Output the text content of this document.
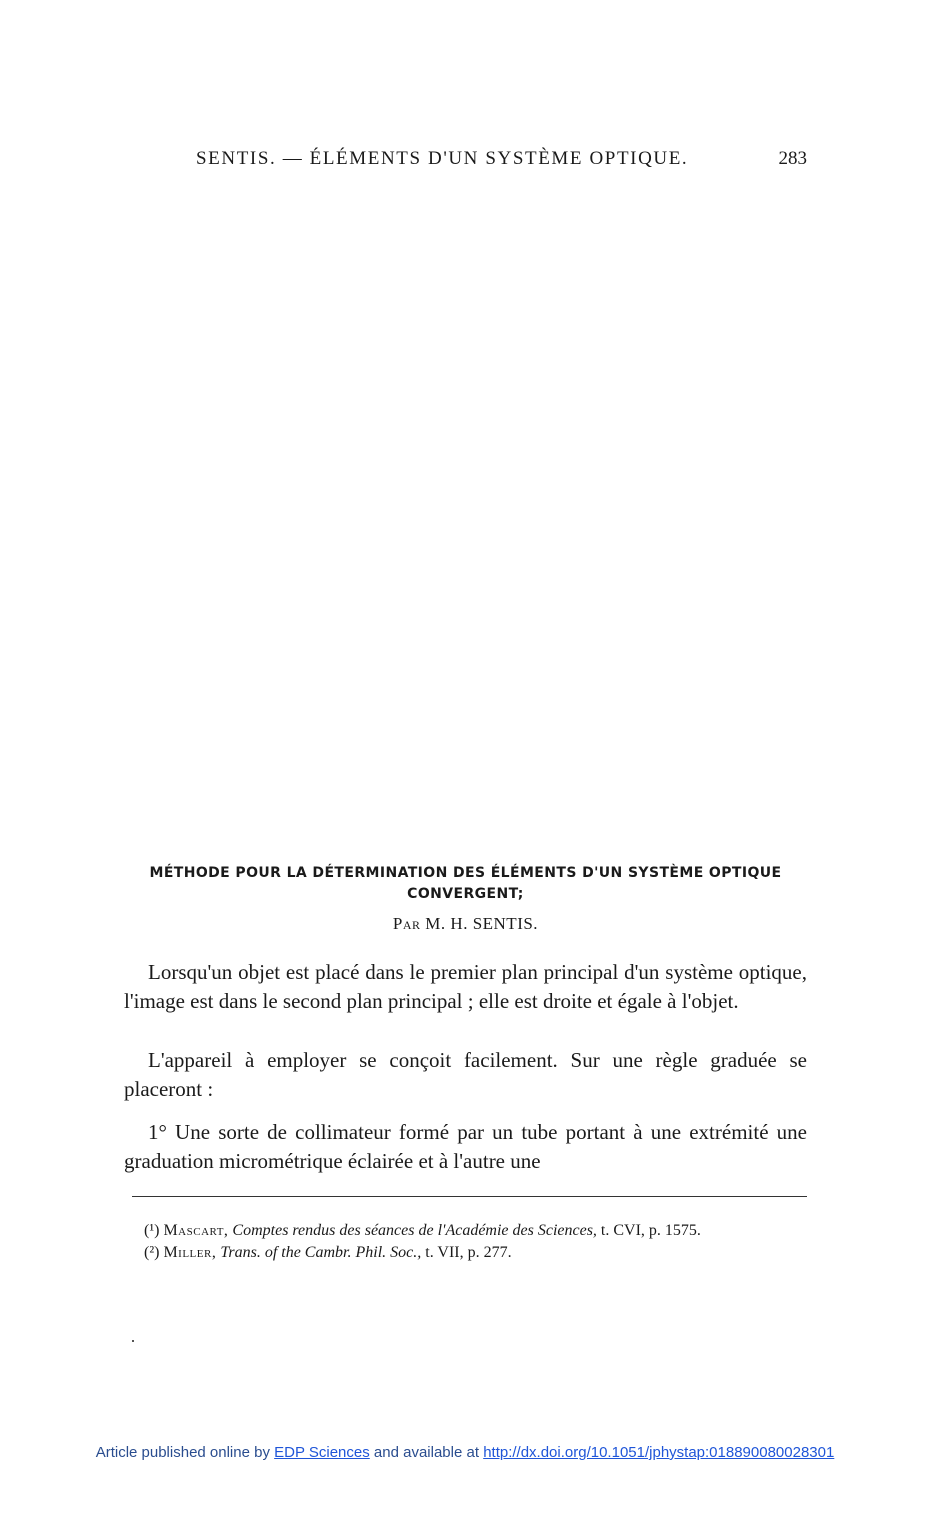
SENTIS. — ÉLÉMENTS D'UN SYSTÈME OPTIQUE.	283
MÉTHODE POUR LA DÉTERMINATION DES ÉLÉMENTS D'UN SYSTÈME OPTIQUE
CONVERGENT;
Par M. H. SENTIS.

Lorsqu'un objet est placé dans le premier plan principal d'un système optique, l'image est dans le second plan principal ; elle est droite et égale à l'objet.

L'appareil à employer se conçoit facilement. Sur une règle graduée se placeront :

1° Une sorte de collimateur formé par un tube portant à une extrémité une graduation micrométrique éclairée et à l'autre une

(¹) Mascart, Comptes rendus des séances de l'Académie des Sciences, t. CVI, p. 1575.

(²) Miller, Trans. of the Cambr. Phil. Soc., t. VII, p. 277.

Article published online by EDP Sciences and available at http://dx.doi.org/10.1051/jphystap:018890080028301
